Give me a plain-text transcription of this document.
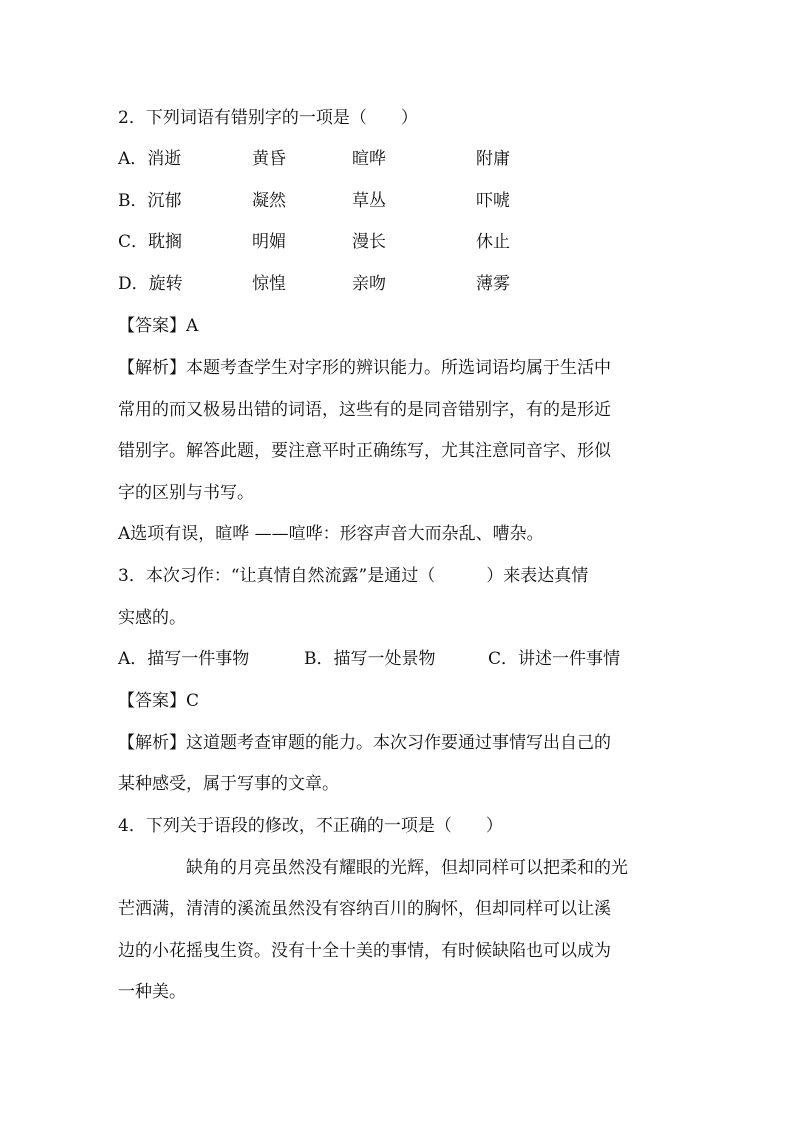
2．下列词语有错别字的一项是（　　）
A．消逝	黄昏	暄哗	附庸
B．沉郁	凝然	草丛	吓唬
C．耽搁	明媚	漫长	休止
D．旋转	惊惶	亲吻	薄雾
【答案】A
【解析】本题考查学生对字形的辨识能力。所选词语均属于生活中
常用的而又极易出错的词语，这些有的是同音错别字，有的是形近
错别字。解答此题，要注意平时正确练写，尤其注意同音字、形似
字的区别与书写。
A选项有误，暄哗 ——喧哗：形容声音大而杂乱、嘈杂。
3．本次习作：“让真情自然流露”是通过（　　　）来表达真情
实感的。
A．描写一件事物	B．描写一处景物	C．讲述一件事情
【答案】C
【解析】这道题考查审题的能力。本次习作要通过事情写出自己的
某种感受，属于写事的文章。
4．下列关于语段的修改，不正确的一项是（　　）
缺角的月亮虽然没有耀眼的光辉，但却同样可以把柔和的光
芒洒满，清清的溪流虽然没有容纳百川的胸怀，但却同样可以让溪
边的小花摇曳生资。没有十全十美的事情，有时候缺陷也可以成为
一种美。
